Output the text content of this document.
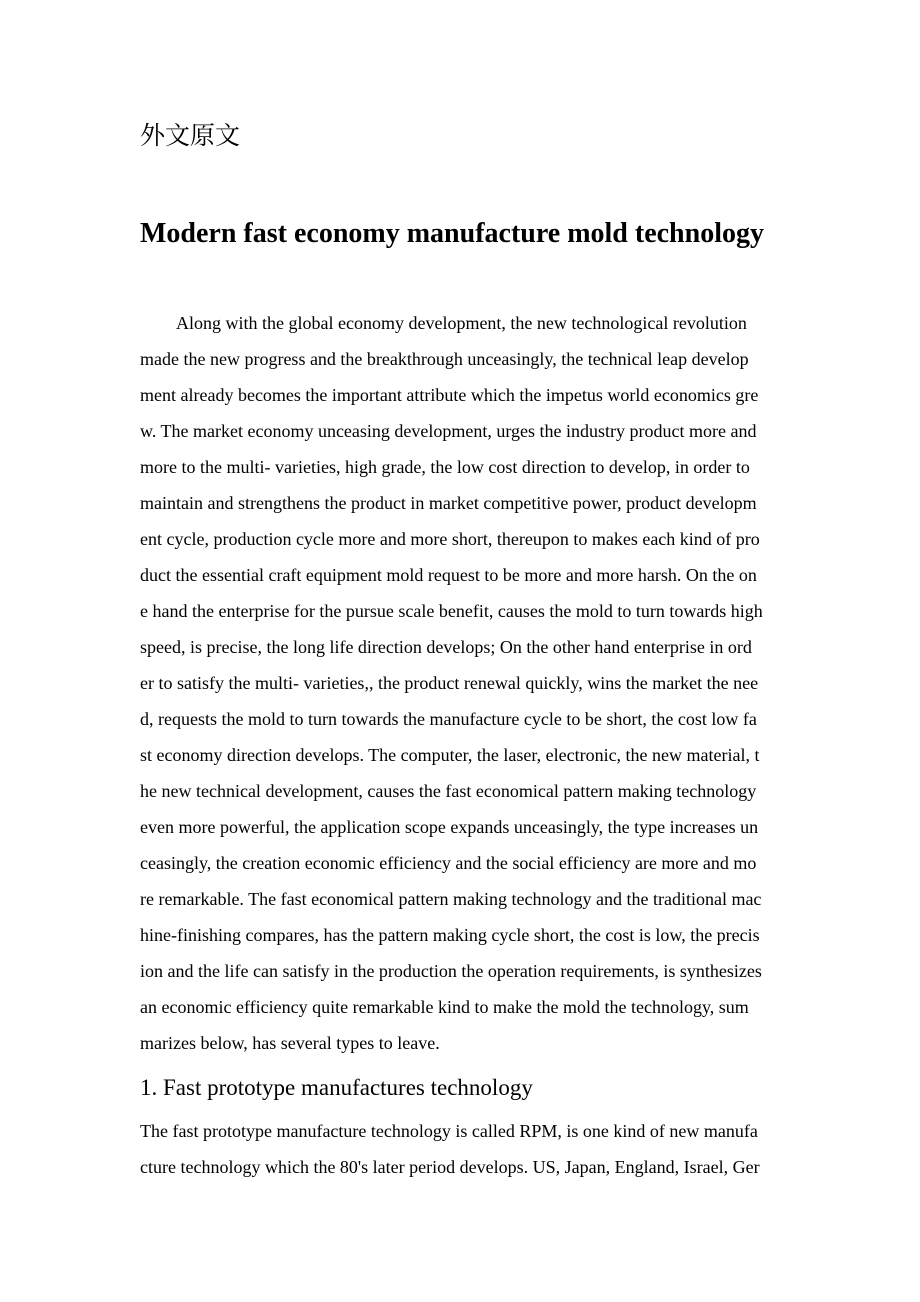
外文原文
Modern fast economy manufacture mold technology
Along with the global economy development, the new technological revolution
made the new progress and the breakthrough unceasingly, the technical leap develop
ment already becomes the important attribute which the impetus world economics gre
w. The market economy unceasing development, urges the industry product more and
more to the multi- varieties, high grade, the low cost direction to develop, in order to
maintain and strengthens the product in market competitive power, product developm
ent cycle, production cycle more and more short, thereupon to makes each kind of pro
duct the essential craft equipment mold request to be more and more harsh. On the on
e hand the enterprise for the pursue scale benefit, causes the mold to turn towards high
speed, is precise, the long life direction develops; On the other hand enterprise in ord
er to satisfy the multi- varieties,, the product renewal quickly, wins the market the nee
d, requests the mold to turn towards the manufacture cycle to be short, the cost low fa
st economy direction develops. The computer, the laser, electronic, the new material, t
he new technical development, causes the fast economical pattern making technology
even more powerful, the application scope expands unceasingly, the type increases un
ceasingly, the creation economic efficiency and the social efficiency are more and mo
re remarkable. The fast economical pattern making technology and the traditional mac
hine-finishing compares, has the pattern making cycle short, the cost is low, the precis
ion and the life can satisfy in the production the operation requirements, is synthesizes
an economic efficiency quite remarkable kind to make the mold the technology, sum
marizes below, has several types to leave.
1. Fast prototype manufactures technology
The fast prototype manufacture technology is called RPM, is one kind of new manufa
cture technology which the 80's later period develops. US, Japan, England, Israel, Ger
